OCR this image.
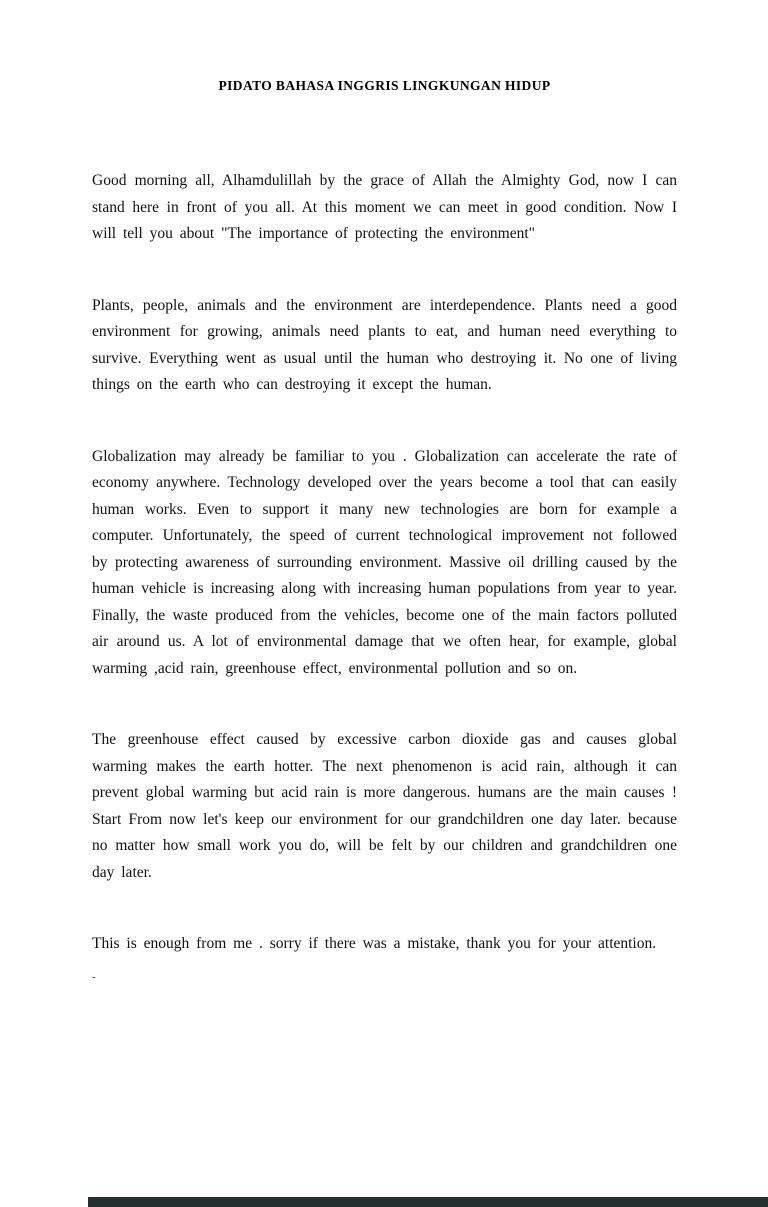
PIDATO BAHASA INGGRIS LINGKUNGAN HIDUP

Good morning all, Alhamdulillah by the grace of Allah the Almighty God, now I can stand here in front of you all. At this moment we can meet in good condition. Now I will tell you about "The importance of protecting the environment"

Plants, people, animals and the environment are interdependence. Plants need a good environment for growing, animals need plants to eat, and human need everything to survive. Everything went as usual until the human who destroying it. No one of living things on the earth who can destroying it except the human.

Globalization may already be familiar to you . Globalization can accelerate the rate of economy anywhere. Technology developed over the years become a tool that can easily human works. Even to support it many new technologies are born for example a computer. Unfortunately, the speed of current technological improvement not followed by protecting awareness of surrounding environment. Massive oil drilling caused by the human vehicle is increasing along with increasing human populations from year to year. Finally, the waste produced from the vehicles, become one of the main factors polluted air around us. A lot of environmental damage that we often hear, for example, global warming ,acid rain, greenhouse effect, environmental pollution and so on.

The greenhouse effect caused by excessive carbon dioxide gas and causes global warming makes the earth hotter. The next phenomenon is acid rain, although it can prevent global warming but acid rain is more dangerous. humans are the main causes ! Start From now let's keep our environment for our grandchildren one day later. because no matter how small work you do, will be felt by our children and grandchildren one day later.

This is enough from me . sorry if there was a mistake, thank you for your attention.

-
